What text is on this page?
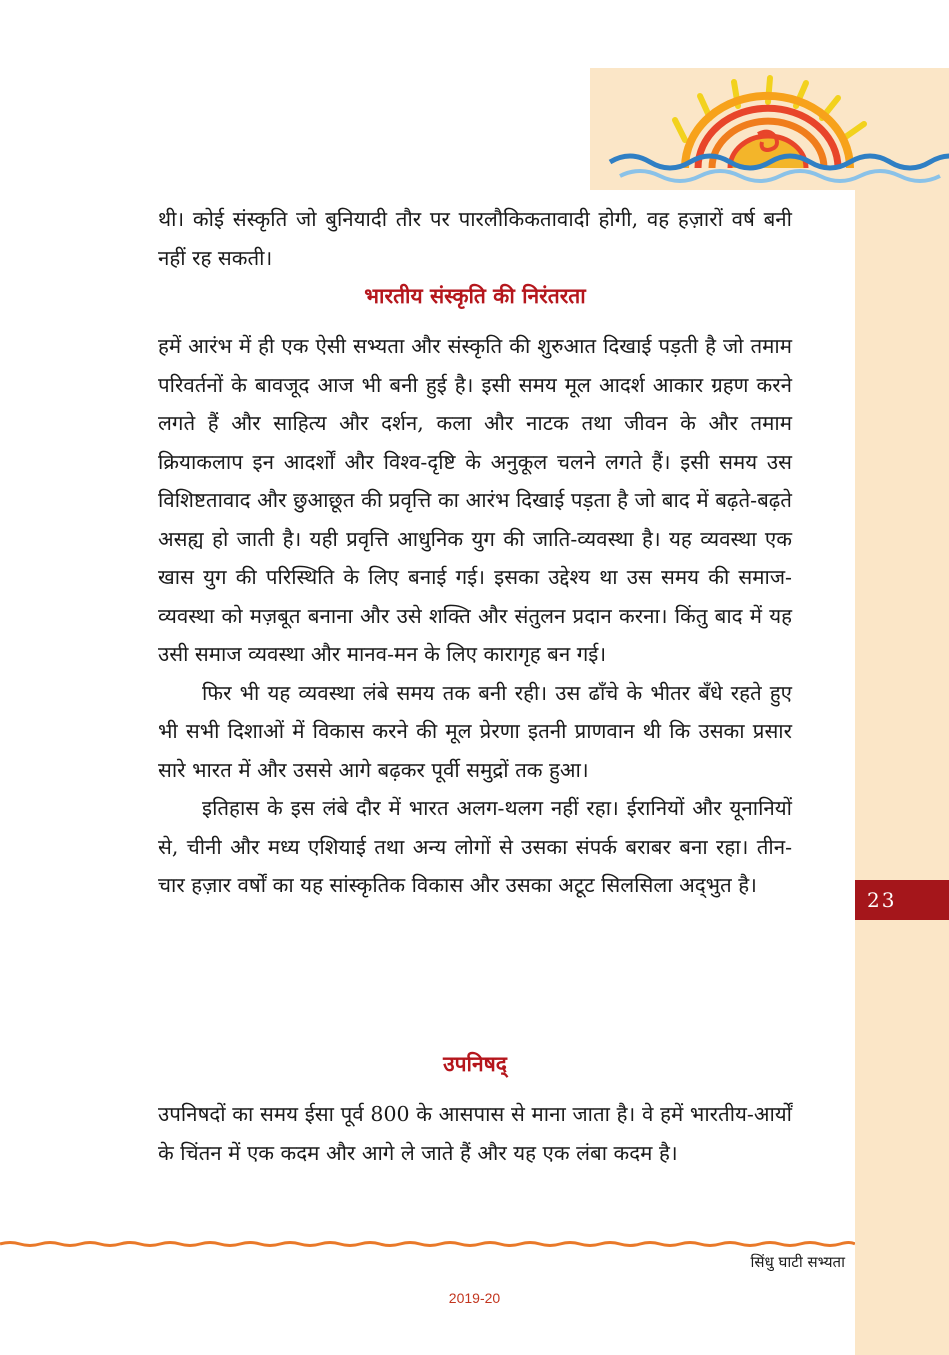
23

थी। कोई संस्कृति जो बुनियादी तौर पर पारलौकिकतावादी होगी, वह हज़ारों वर्ष बनी नहीं रह सकती।

भारतीय संस्कृति की निरंतरता

हमें आरंभ में ही एक ऐसी सभ्यता और संस्कृति की शुरुआत दिखाई पड़ती है जो तमाम परिवर्तनों के बावजूद आज भी बनी हुई है। इसी समय मूल आदर्श आकार ग्रहण करने लगते हैं और साहित्य और दर्शन, कला और नाटक तथा जीवन के और तमाम क्रियाकलाप इन आदर्शों और विश्व-दृष्टि के अनुकूल चलने लगते हैं। इसी समय उस विशिष्टतावाद और छुआछूत की प्रवृत्ति का आरंभ दिखाई पड़ता है जो बाद में बढ़ते-बढ़ते असह्य हो जाती है। यही प्रवृत्ति आधुनिक युग की जाति-व्यवस्था है। यह व्यवस्था एक खास युग की परिस्थिति के लिए बनाई गई। इसका उद्देश्य था उस समय की समाज-व्यवस्था को मज़बूत बनाना और उसे शक्ति और संतुलन प्रदान करना। किंतु बाद में यह उसी समाज व्यवस्था और मानव-मन के लिए कारागृह बन गई।

फिर भी यह व्यवस्था लंबे समय तक बनी रही। उस ढाँचे के भीतर बँधे रहते हुए भी सभी दिशाओं में विकास करने की मूल प्रेरणा इतनी प्राणवान थी कि उसका प्रसार सारे भारत में और उससे आगे बढ़कर पूर्वी समुद्रों तक हुआ।

इतिहास के इस लंबे दौर में भारत अलग-थलग नहीं रहा। ईरानियों और यूनानियों से, चीनी और मध्य एशियाई तथा अन्य लोगों से उसका संपर्क बराबर बना रहा। तीन-चार हज़ार वर्षों का यह सांस्कृतिक विकास और उसका अटूट सिलसिला अद्‍भुत है।

उपनिषद्

उपनिषदों का समय ईसा पूर्व 800 के आसपास से माना जाता है। वे हमें भारतीय-आर्यों के चिंतन में एक कदम और आगे ले जाते हैं और यह एक लंबा कदम है।

सिंधु घाटी सभ्यता
2019-20
